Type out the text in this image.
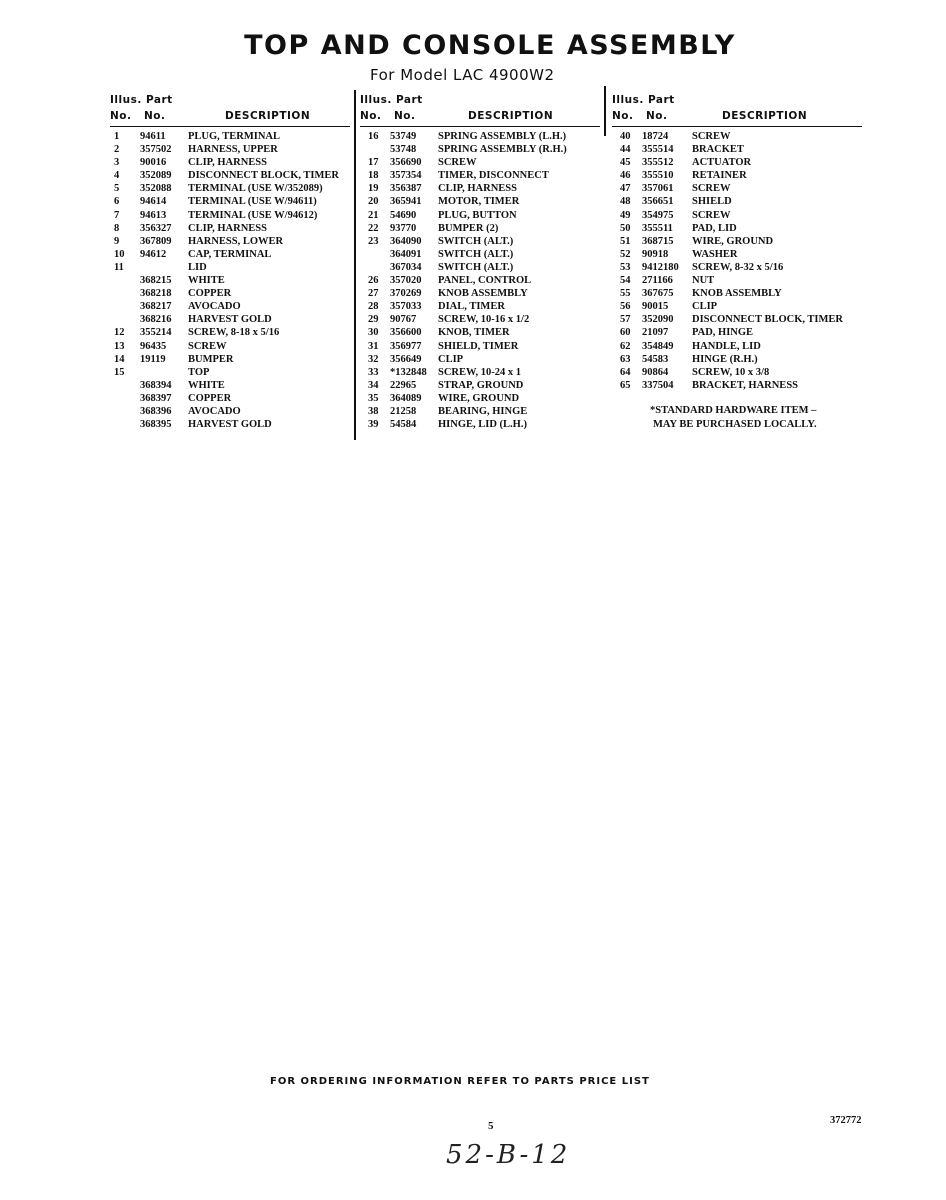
TOP AND CONSOLE ASSEMBLY
For Model LAC 4900W2
Illus. Part
No. No.	DESCRIPTION
1 94611 PLUG, TERMINAL
2 357502 HARNESS, UPPER
3 90016 CLIP, HARNESS
4 352089 DISCONNECT BLOCK, TIMER
5 352088 TERMINAL (USE W/352089)
6 94614 TERMINAL (USE W/94611)
7 94613 TERMINAL (USE W/94612)
8 356327 CLIP, HARNESS
9 367809 HARNESS, LOWER
10 94612 CAP, TERMINAL
11	LID
368215 WHITE
368218 COPPER
368217 AVOCADO
368216 HARVEST GOLD
12 355214 SCREW, 8-18 x 5/16
13 96435 SCREW
14 19119 BUMPER
15	TOP
368394 WHITE
368397 COPPER
368396 AVOCADO
368395 HARVEST GOLD
Illus. Part
No. No.	DESCRIPTION
16 53749 SPRING ASSEMBLY (L.H.)
53748 SPRING ASSEMBLY (R.H.)
17 356690 SCREW
18 357354 TIMER, DISCONNECT
19 356387 CLIP, HARNESS
20 365941 MOTOR, TIMER
21 54690 PLUG, BUTTON
22 93770 BUMPER (2)
23 364090 SWITCH (ALT.)
364091 SWITCH (ALT.)
367034 SWITCH (ALT.)
26 357020 PANEL, CONTROL
27 370269 KNOB ASSEMBLY
28 357033 DIAL, TIMER
29 90767 SCREW, 10-16 x 1/2
30 356600 KNOB, TIMER
31 356977 SHIELD, TIMER
32 356649 CLIP
33 *132848 SCREW, 10-24 x 1
34 22965 STRAP, GROUND
35 364089 WIRE, GROUND
38 21258 BEARING, HINGE
39 54584 HINGE, LID (L.H.)
Illus. Part
No. No.	DESCRIPTION
40 18724 SCREW
44 355514 BRACKET
45 355512 ACTUATOR
46 355510 RETAINER
47 357061 SCREW
48 356651 SHIELD
49 354975 SCREW
50 355511 PAD, LID
51 368715 WIRE, GROUND
52 90918 WASHER
53 9412180 SCREW, 8-32 x 5/16
54 271166 NUT
55 367675 KNOB ASSEMBLY
56 90015 CLIP
57 352090 DISCONNECT BLOCK, TIMER
60 21097 PAD, HINGE
62 354849 HANDLE, LID
63 54583 HINGE (R.H.)
64 90864 SCREW, 10 x 3/8
65 337504 BRACKET, HARNESS
*STANDARD HARDWARE ITEM –
MAY BE PURCHASED LOCALLY.
FOR ORDERING INFORMATION REFER TO PARTS PRICE LIST
5	372772
52-B-12
